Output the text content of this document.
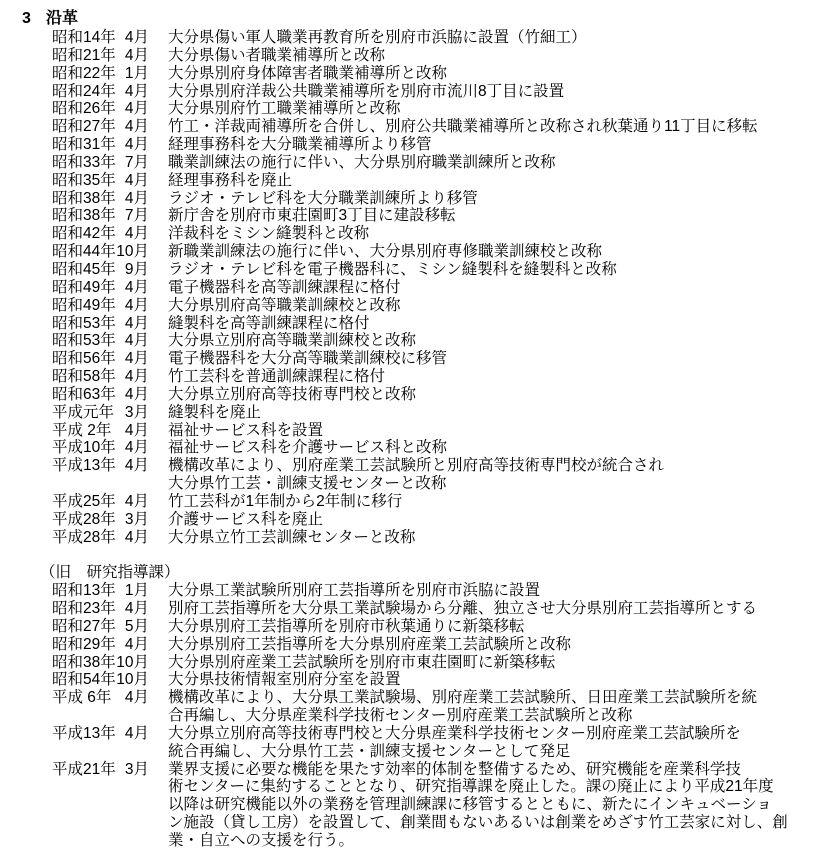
3 沿革
昭和14年 4月 大分県傷い軍人職業再教育所を別府市浜脇に設置（竹細工）
昭和21年 4月 大分県傷い者職業補導所と改称
昭和22年 1月 大分県別府身体障害者職業補導所と改称
昭和24年 4月 大分県別府洋裁公共職業補導所を別府市流川8丁目に設置
昭和26年 4月 大分県別府竹工職業補導所と改称
昭和27年 4月 竹工・洋裁両補導所を合併し、別府公共職業補導所と改称され秋葉通り11丁目に移転
昭和31年 4月 経理事務科を大分職業補導所より移管
昭和33年 7月 職業訓練法の施行に伴い、大分県別府職業訓練所と改称
昭和35年 4月 経理事務科を廃止
昭和38年 4月 ラジオ・テレビ科を大分職業訓練所より移管
昭和38年 7月 新庁舎を別府市東荘園町3丁目に建設移転
昭和42年 4月 洋裁科をミシン縫製科と改称
昭和44年 10月 新職業訓練法の施行に伴い、大分県別府専修職業訓練校と改称
昭和45年 9月 ラジオ・テレビ科を電子機器科に、ミシン縫製科を縫製科と改称
昭和49年 4月 電子機器科を高等訓練課程に格付
昭和49年 4月 大分県別府高等職業訓練校と改称
昭和53年 4月 縫製科を高等訓練課程に格付
昭和53年 4月 大分県立別府高等職業訓練校と改称
昭和56年 4月 電子機器科を大分高等職業訓練校に移管
昭和58年 4月 竹工芸科を普通訓練課程に格付
昭和63年 4月 大分県立別府高等技術専門校と改称
平成元年 3月 縫製科を廃止
平成 2年 4月 福祉サービス科を設置
平成10年 4月 福祉サービス科を介護サービス科と改称
平成13年 4月 機構改革により、別府産業工芸試験所と別府高等技術専門校が統合され
大分県竹工芸・訓練支援センターと改称
平成25年 4月 竹工芸科が1年制から2年制に移行
平成28年 3月 介護サービス科を廃止
平成28年 4月 大分県立竹工芸訓練センターと改称
（旧　研究指導課）
昭和13年 1月 大分県工業試験所別府工芸指導所を別府市浜脇に設置
昭和23年 4月 別府工芸指導所を大分県工業試験場から分離、独立させ大分県別府工芸指導所とする
昭和27年 5月 大分県別府工芸指導所を別府市秋葉通りに新築移転
昭和29年 4月 大分県別府工芸指導所を大分県別府産業工芸試験所と改称
昭和38年 10月 大分県別府産業工芸試験所を別府市東荘園町に新築移転
昭和54年 10月 大分県技術情報室別府分室を設置
平成 6年 4月 機構改革により、大分県工業試験場、別府産業工芸試験所、日田産業工芸試験所を統
合再編し、大分県産業科学技術センター別府産業工芸試験所と改称
平成13年 4月 大分県立別府高等技術専門校と大分県産業科学技術センター別府産業工芸試験所を
統合再編し、大分県竹工芸・訓練支援センターとして発足
平成21年 3月 業界支援に必要な機能を果たす効率的体制を整備するため、研究機能を産業科学技
術センターに集約することとなり、研究指導課を廃止した。課の廃止により平成21年度
以降は研究機能以外の業務を管理訓練課に移管するとともに、新たにインキュベーショ
ン施設（貸し工房）を設置して、創業間もないあるいは創業をめざす竹工芸家に対し、創
業・自立への支援を行う。
